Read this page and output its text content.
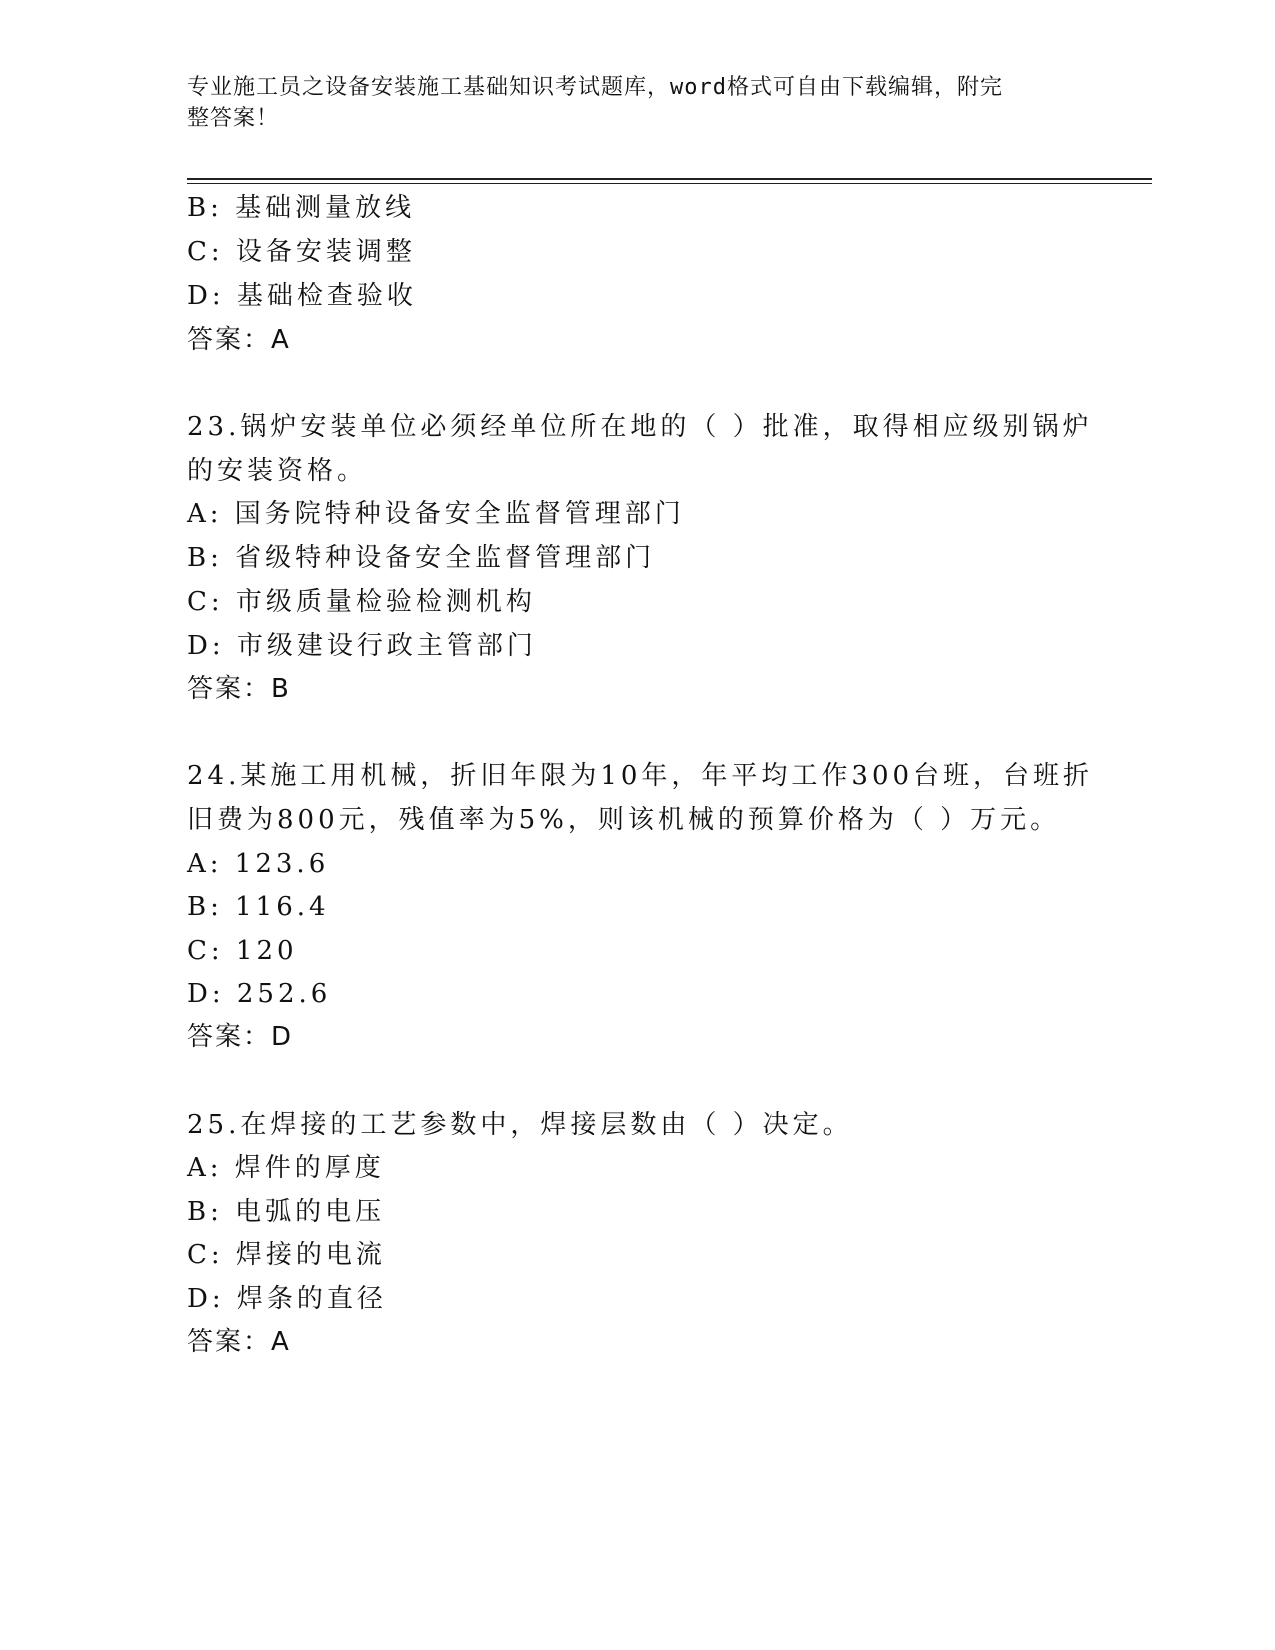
专业施工员之设备安装施工基础知识考试题库，word格式可自由下载编辑，附完
整答案！
B: 基础测量放线
C: 设备安装调整
D: 基础检查验收
答案：A
23.锅炉安装单位必须经单位所在地的（ ）批准，取得相应级别锅炉
的安装资格。
A: 国务院特种设备安全监督管理部门
B: 省级特种设备安全监督管理部门
C: 市级质量检验检测机构
D: 市级建设行政主管部门
答案：B
24.某施工用机械，折旧年限为10年，年平均工作300台班，台班折
旧费为800元，残值率为5%，则该机械的预算价格为（ ）万元。
A: 123.6
B: 116.4
C: 120
D: 252.6
答案：D
25.在焊接的工艺参数中，焊接层数由（ ）决定。
A: 焊件的厚度
B: 电弧的电压
C: 焊接的电流
D: 焊条的直径
答案：A
